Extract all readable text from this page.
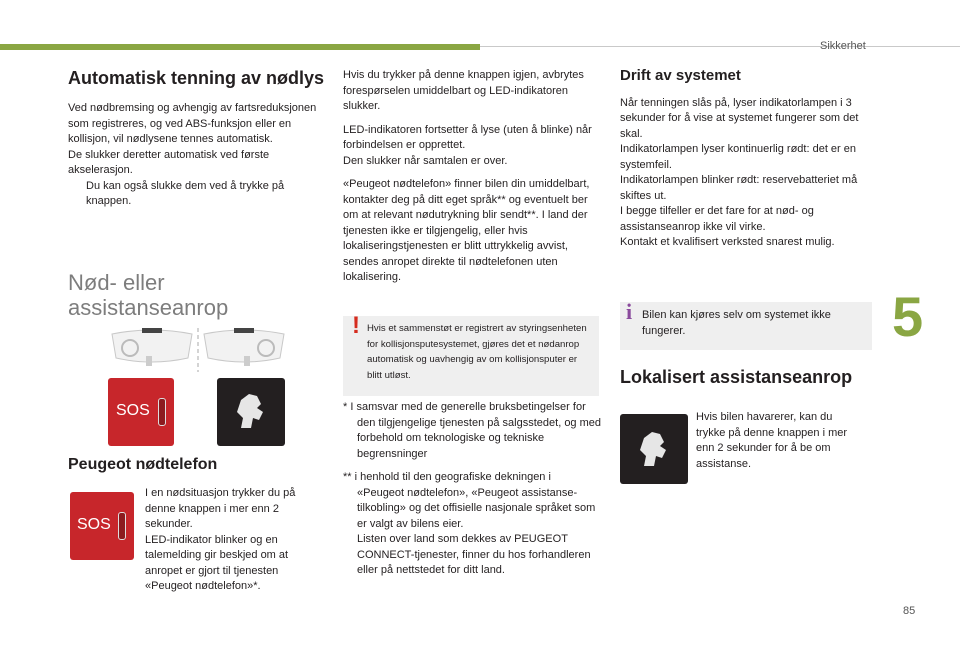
Sikkerhet
5
85
Automatisk tenning av nødlys

Ved nødbremsing og avhengig av fartsreduksjonen som registreres, og ved ABS-funksjon eller en kollisjon, vil nødlysene tennes automatisk.

De slukker deretter automatisk ved første akselerasjon.

Du kan også slukke dem ved å trykke på knappen.

Nød- eller assistanseanrop
SOS
Peugeot nødtelefon
SOS

I en nødsituasjon trykker du på denne knappen i mer enn 2 sekunder.

LED-indikator blinker og en talemelding gir beskjed om at anropet er gjort til tjenesten «Peugeot nødtelefon»*.

Hvis du trykker på denne knappen igjen, avbrytes forespørselen umiddelbart og LED-indikatoren slukker.

LED-indikatoren fortsetter å lyse (uten å blinke) når forbindelsen er opprettet.

Den slukker når samtalen er over.

«Peugeot nødtelefon» finner bilen din umiddelbart, kontakter deg på ditt eget språk** og eventuelt ber om at relevant nødutrykning blir sendt**. I land der tjenesten ikke er tilgjengelig, eller hvis lokaliseringstjenesten er blitt uttrykkelig avvist, sendes anropet direkte til nødtelefonen uten lokalisering.

! Hvis et sammenstøt er registrert av styringsenheten for kollisjonsputesystemet, gjøres det et nødanrop automatisk og uavhengig av om kollisjonsputer er blitt utløst.

* I samsvar med de generelle bruksbetingelser for den tilgjengelige tjenesten på salgsstedet, og med forbehold om teknologiske og tekniske begrensninger

** i henhold til den geografiske dekningen i «Peugeot nødtelefon», «Peugeot assistanse-tilkobling» og det offisielle nasjonale språket som er valgt av bilens eier.

Listen over land som dekkes av PEUGEOT CONNECT-tjenester, finner du hos forhandleren eller på nettstedet for ditt land.

Drift av systemet

Når tenningen slås på, lyser indikatorlampen i 3 sekunder for å vise at systemet fungerer som det skal.

Indikatorlampen lyser kontinuerlig rødt: det er en systemfeil.

Indikatorlampen blinker rødt: reservebatteriet må skiftes ut.

I begge tilfeller er det fare for at nød- og assistanseanrop ikke vil virke.

Kontakt et kvalifisert verksted snarest mulig.

i Bilen kan kjøres selv om systemet ikke fungerer.
Lokalisert assistanseanrop
Hvis bilen havarerer, kan du trykke på denne knappen i mer enn 2 sekunder for å be om assistanse.
